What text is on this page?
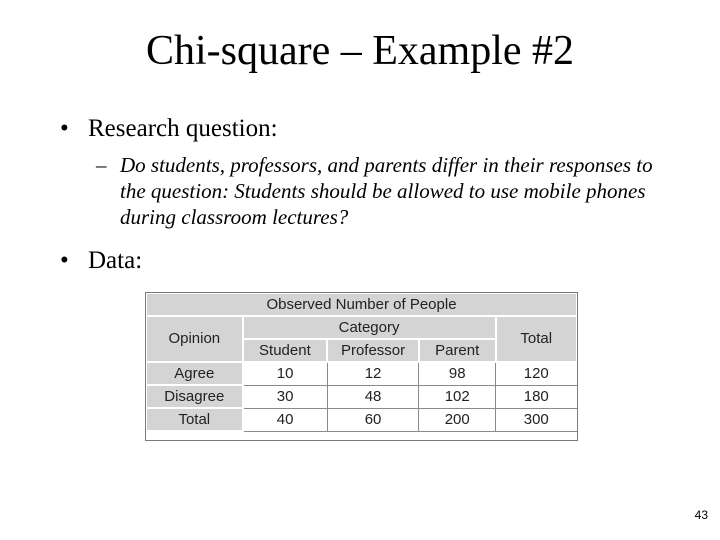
Chi-square – Example #2
• Research question:
– Do students, professors, and parents differ in their responses to the question: Students should be allowed to use mobile phones during classroom lectures?
• Data:
Observed Number of People				
Opinion	Category			Total
	Student	Professor	Parent	
Agree	10	12	98	120
Disagree	30	48	102	180
Total	40	60	200	300
43
